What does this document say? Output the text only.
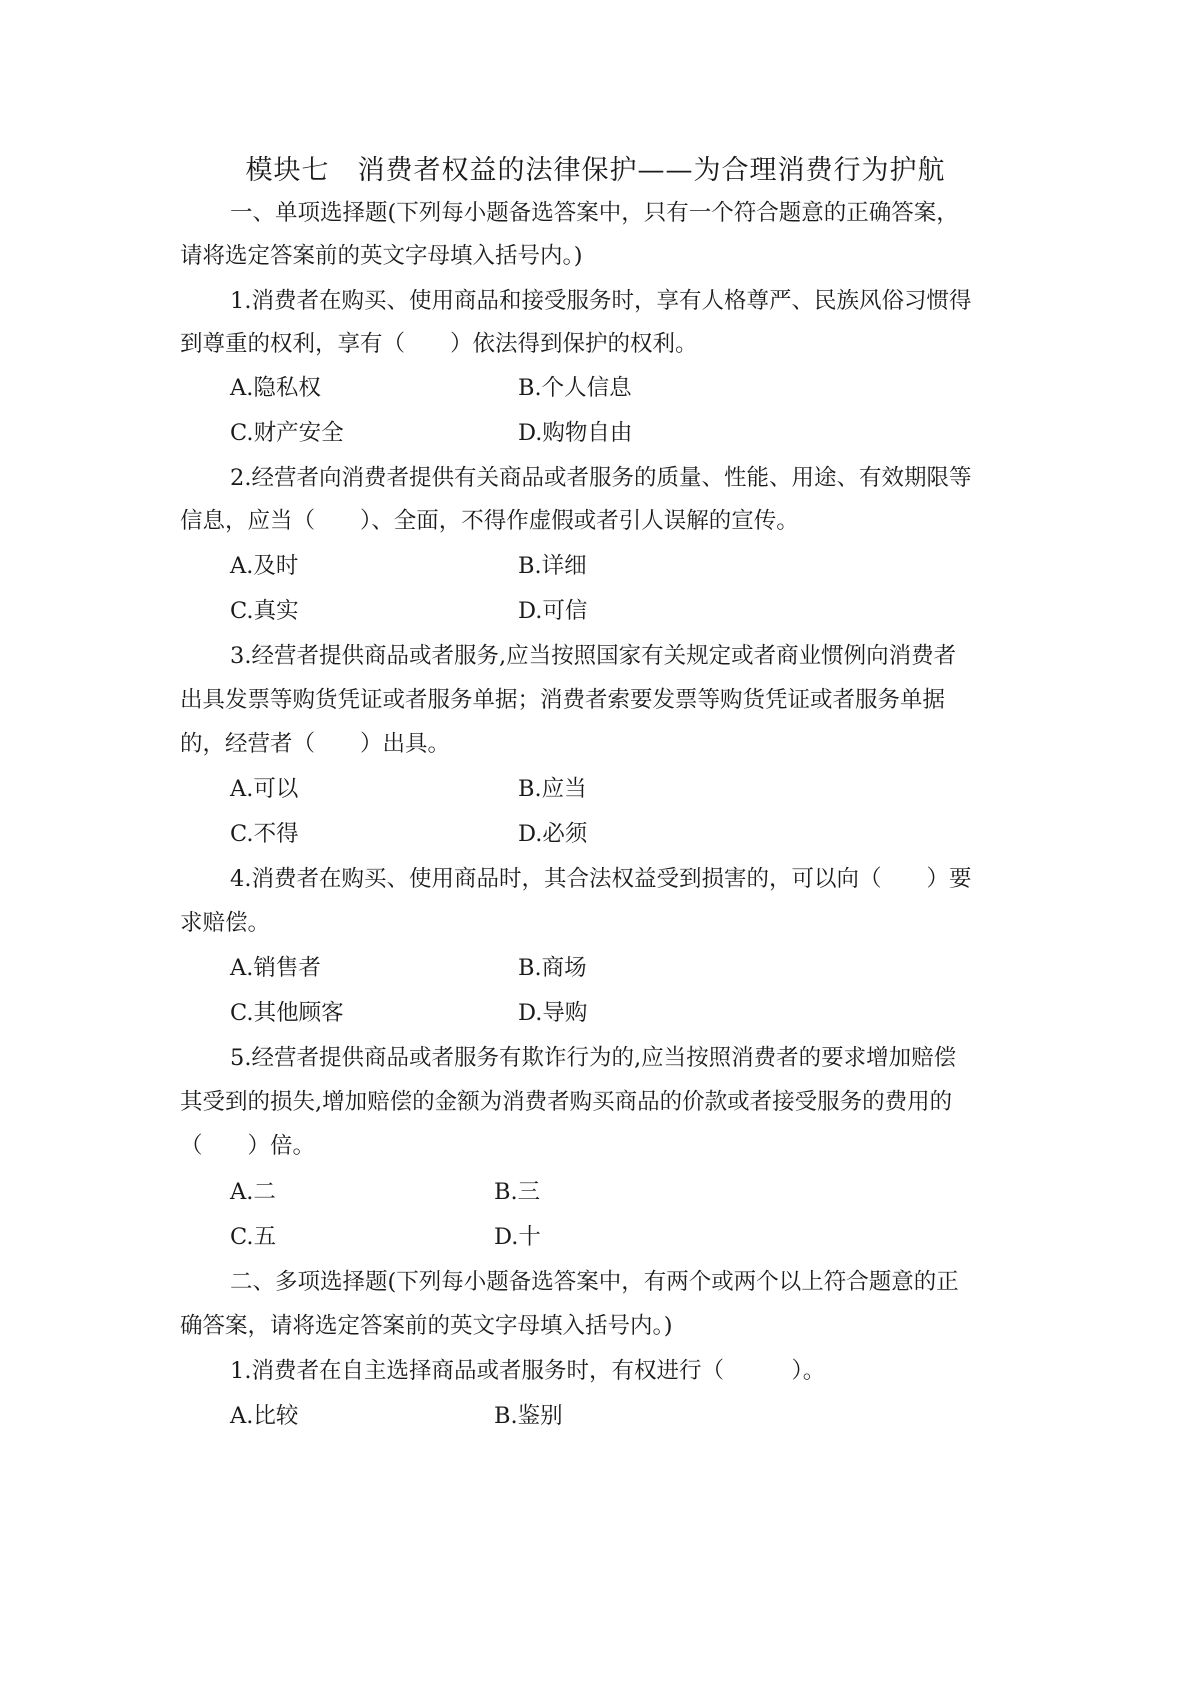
模块七　消费者权益的法律保护——为合理消费行为护航
一、单项选择题(下列每小题备选答案中，只有一个符合题意的正确答案，
请将选定答案前的英文字母填入括号内。)
1.消费者在购买、使用商品和接受服务时，享有人格尊严、民族风俗习惯得
到尊重的权利，享有（　　）依法得到保护的权利。
A.隐私权	B.个人信息
C.财产安全	D.购物自由
2.经营者向消费者提供有关商品或者服务的质量、性能、用途、有效期限等
信息，应当（　　）、全面，不得作虚假或者引人误解的宣传。
A.及时	B.详细
C.真实	D.可信
3.经营者提供商品或者服务,应当按照国家有关规定或者商业惯例向消费者
出具发票等购货凭证或者服务单据；消费者索要发票等购货凭证或者服务单据
的，经营者（　　）出具。
A.可以	B.应当
C.不得	D.必须
4.消费者在购买、使用商品时，其合法权益受到损害的，可以向（　　）要
求赔偿。
A.销售者	B.商场
C.其他顾客	D.导购
5.经营者提供商品或者服务有欺诈行为的,应当按照消费者的要求增加赔偿
其受到的损失,增加赔偿的金额为消费者购买商品的价款或者接受服务的费用的
（　　）倍。
A.二	B.三
C.五	D.十
二、多项选择题(下列每小题备选答案中，有两个或两个以上符合题意的正
确答案，请将选定答案前的英文字母填入括号内。)
1.消费者在自主选择商品或者服务时，有权进行（　　　）。
A.比较	B.鉴别
